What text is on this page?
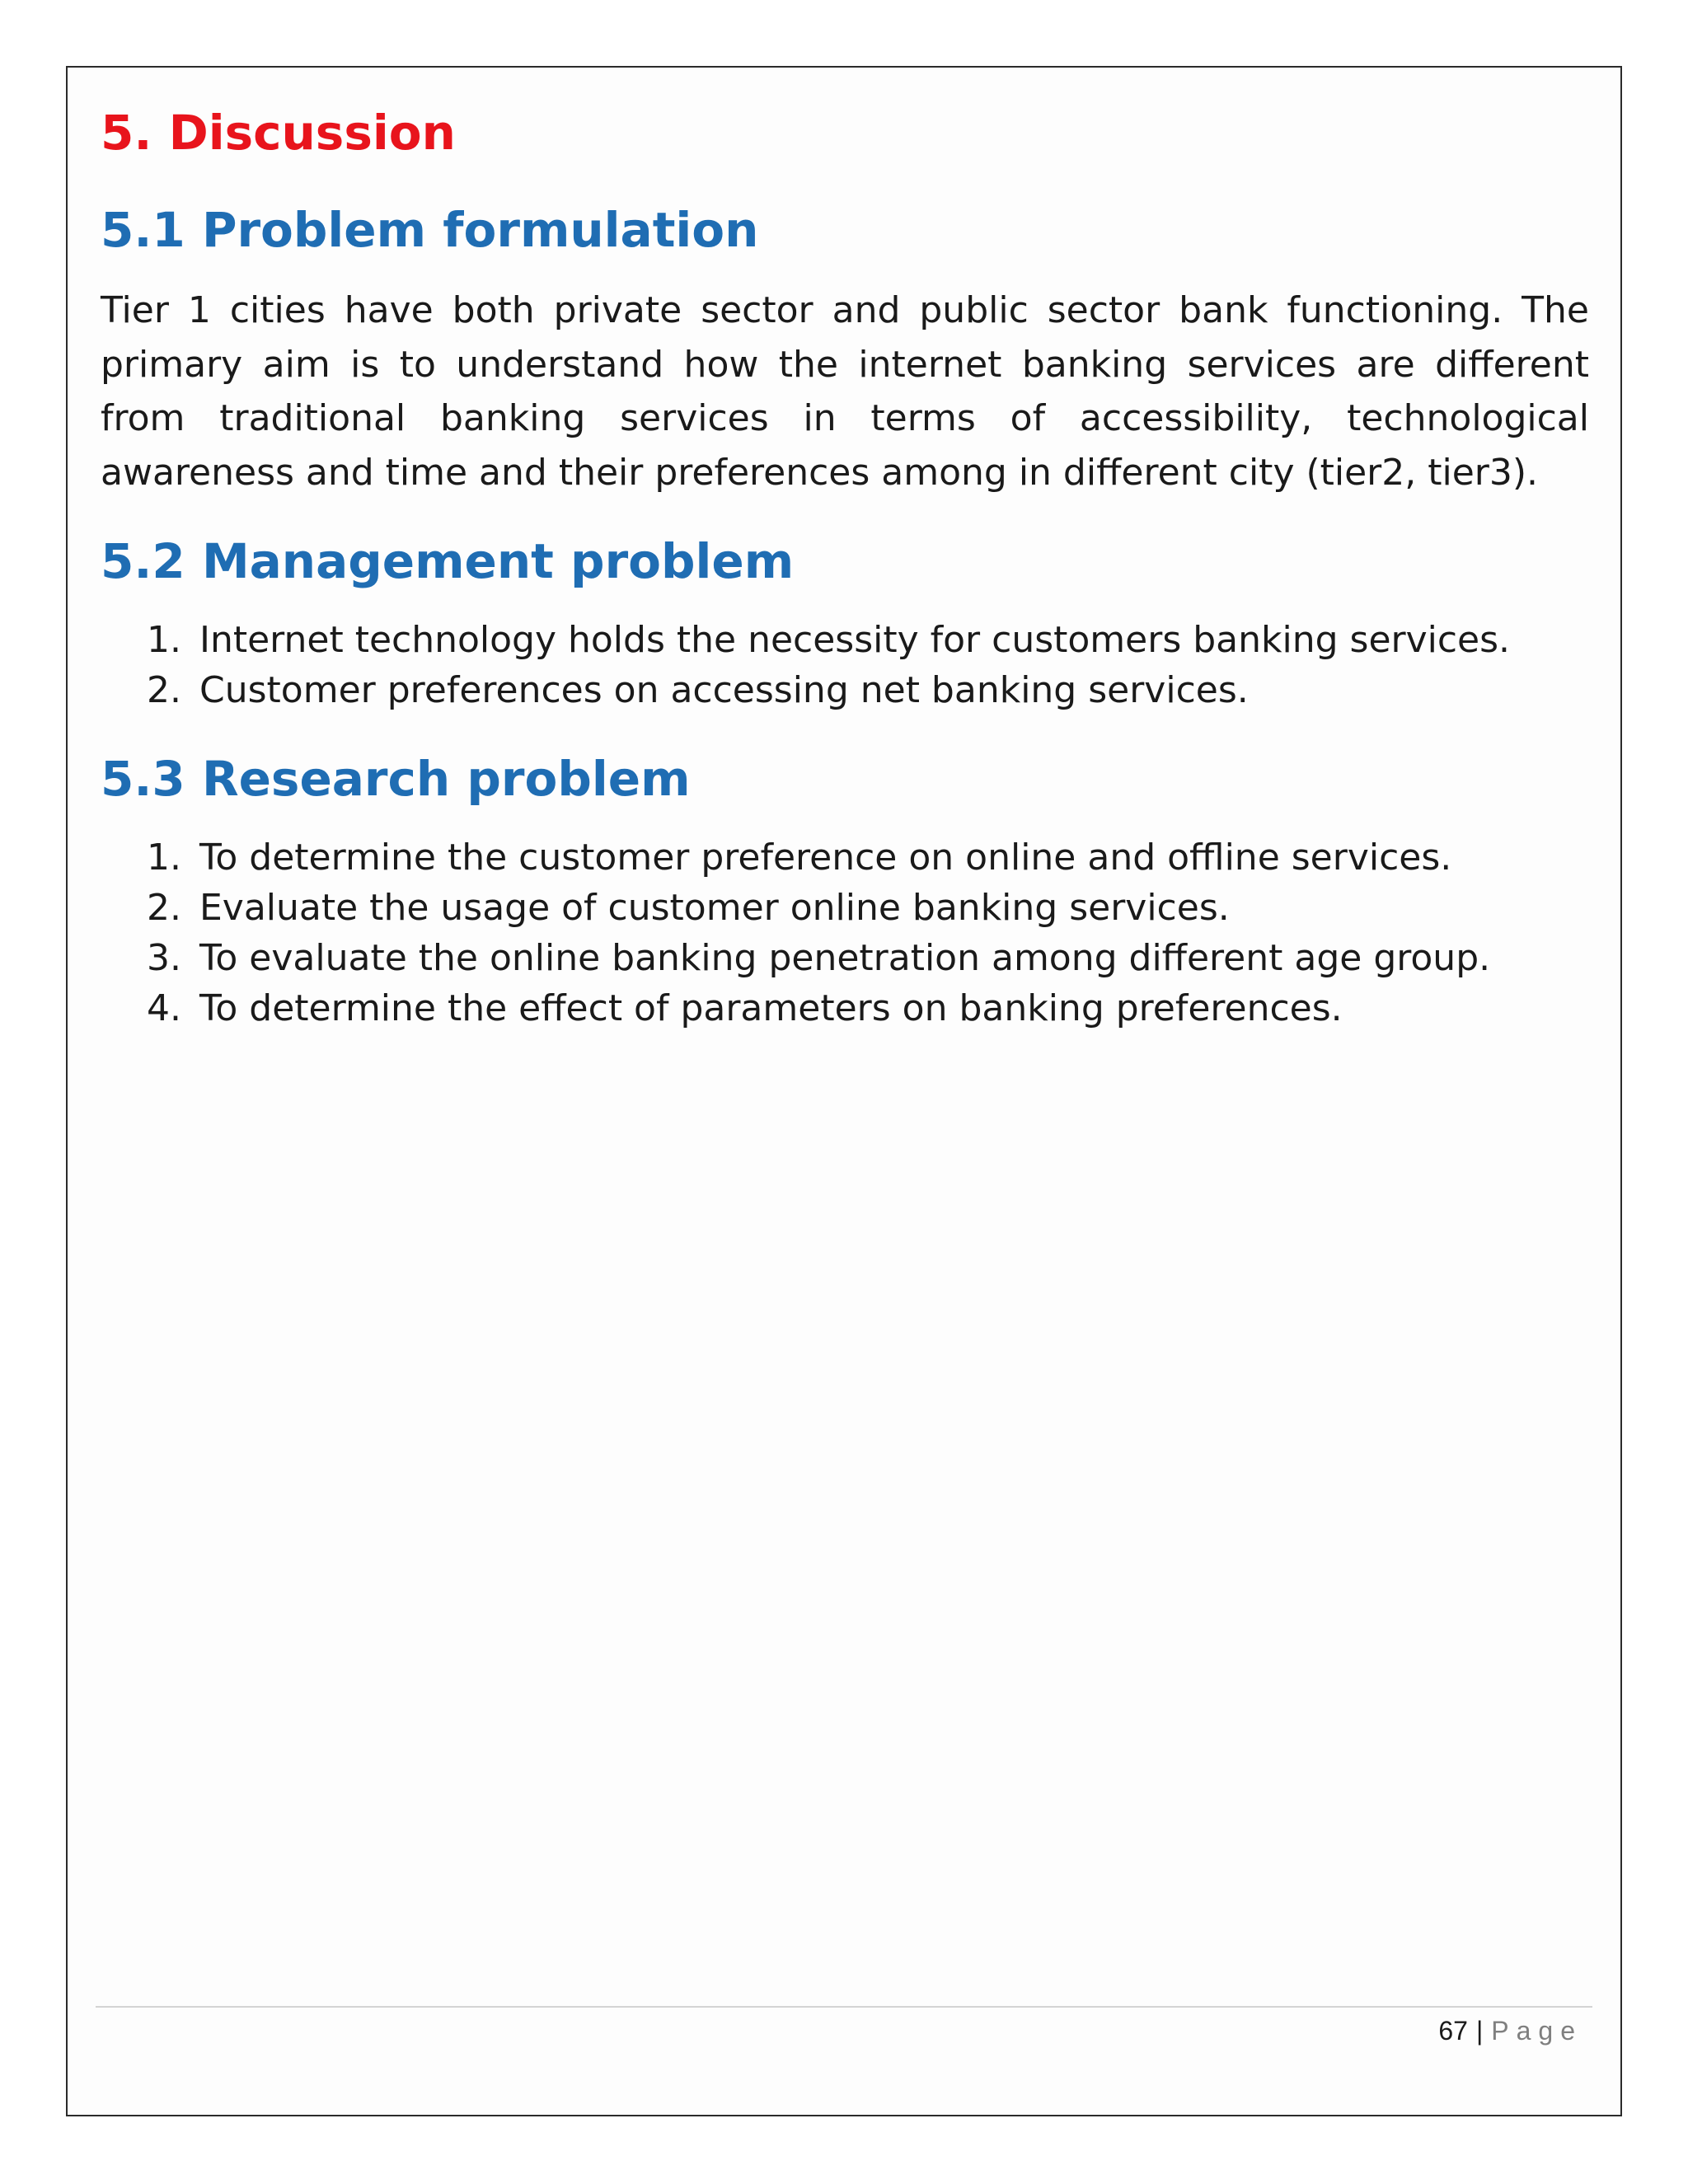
5. Discussion
5.1 Problem formulation

Tier 1 cities have both private sector and public sector bank functioning. The primary aim is to understand how the internet banking services are different from traditional banking services in terms of accessibility, technological awareness and time and their preferences among in different city (tier2, tier3).

5.2 Management problem
1. Internet technology holds the necessity for customers banking services.
2. Customer preferences on accessing net banking services.
5.3 Research problem
1. To determine the customer preference on online and offline services.
2. Evaluate the usage of customer online banking services.
3. To evaluate the online banking penetration among different age group.
4. To determine the effect of parameters on banking preferences.
67 | Page
